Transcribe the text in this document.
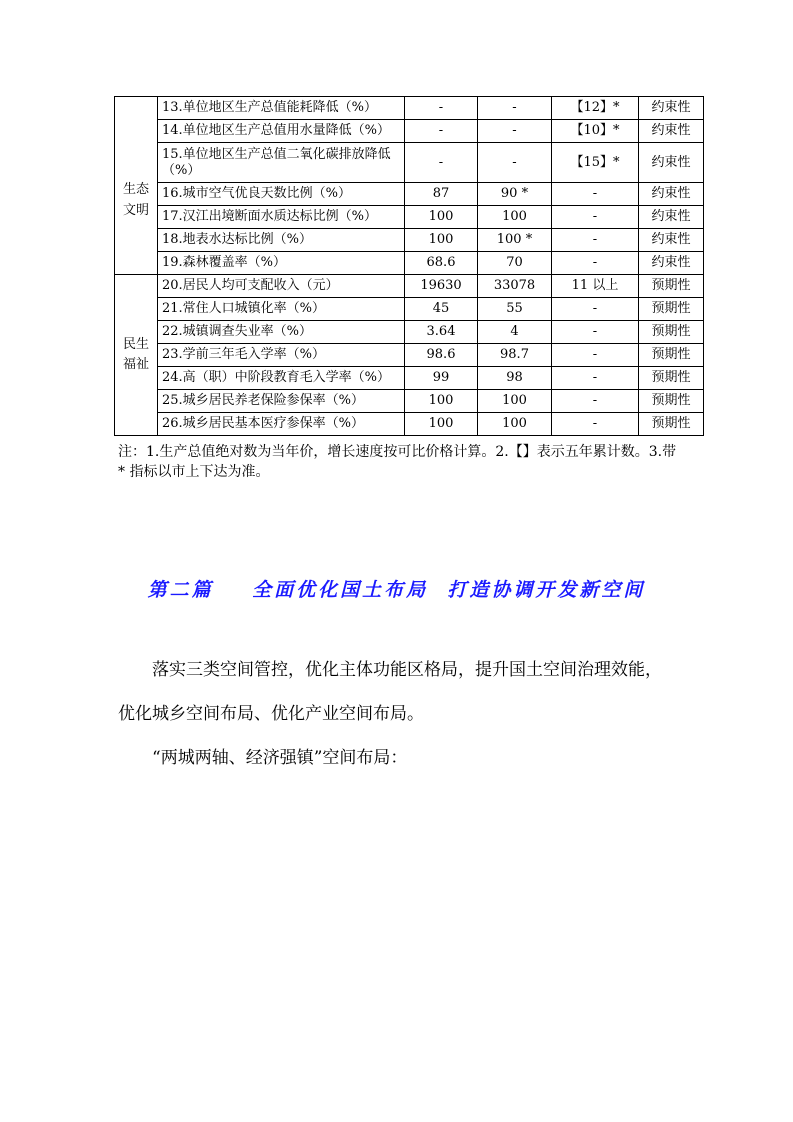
生态
文明	13.单位地区生产总值能耗降低（%）	-	-	【12】*	约束性
	14.单位地区生产总值用水量降低（%）	-	-	【10】*	约束性
	15.单位地区生产总值二氧化碳排放降低（%）	-	-	【15】*	约束性
	16.城市空气优良天数比例（%）	87	90 *	-	约束性
	17.汉江出境断面水质达标比例（%）	100	100	-	约束性
	18.地表水达标比例（%）	100	100 *	-	约束性
	19.森林覆盖率（%）	68.6	70	-	约束性
民生
福祉	20.居民人均可支配收入（元）	19630	33078	11 以上	预期性
	21.常住人口城镇化率（%）	45	55	-	预期性
	22.城镇调查失业率（%）	3.64	4	-	预期性
	23.学前三年毛入学率（%）	98.6	98.7	-	预期性
	24.高（职）中阶段教育毛入学率（%）	99	98	-	预期性
	25.城乡居民养老保险参保率（%）	100	100	-	预期性
	26.城乡居民基本医疗参保率（%）	100	100	-	预期性

注：1.生产总值绝对数为当年价，增长速度按可比价格计算。2.【】表示五年累计数。3.带 * 指标以市上下达为准。

第二篇    全面优化国土布局  打造协调开发新空间

落实三类空间管控，优化主体功能区格局，提升国土空间治理效能，优化城乡空间布局、优化产业空间布局。

“两城两轴、经济强镇”空间布局：
